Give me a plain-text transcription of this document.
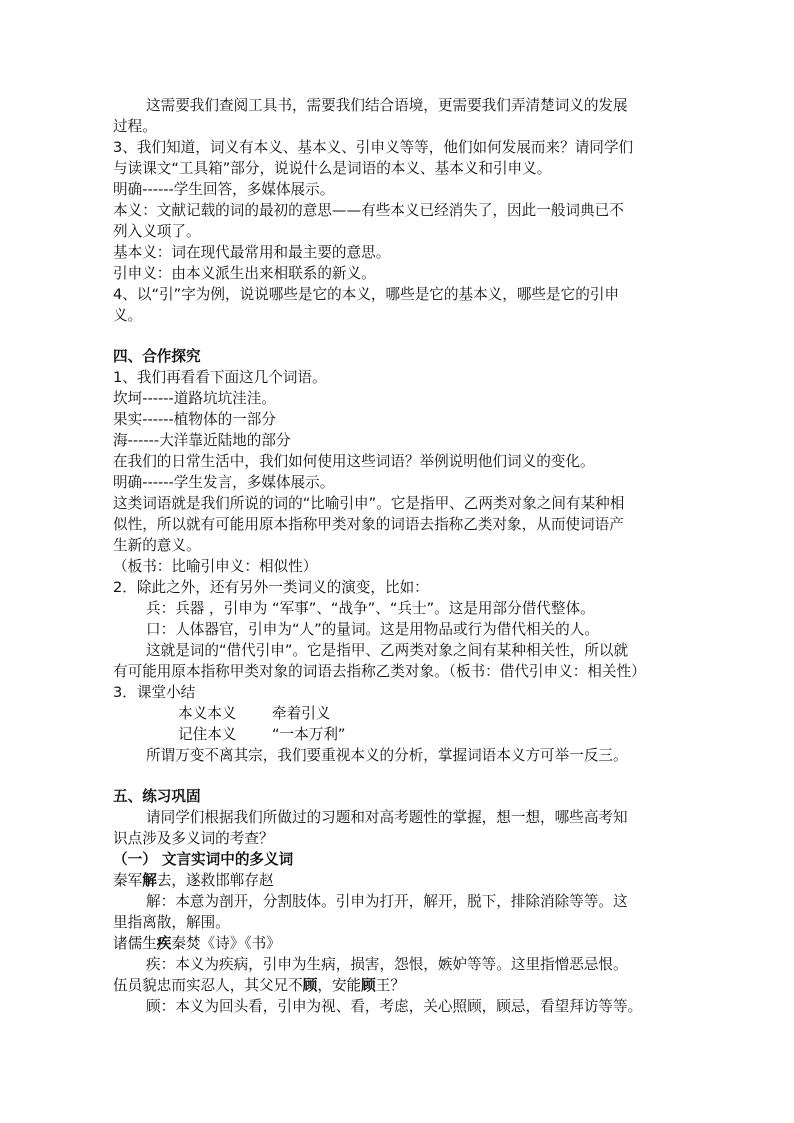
这需要我们查阅工具书，需要我们结合语境，更需要我们弄清楚词义的发展
过程。
3、我们知道，词义有本义、基本义、引申义等等，他们如何发展而来？请同学们
与读课文“工具箱”部分，说说什么是词语的本义、基本义和引申义。
明确------学生回答，多媒体展示。
本义：文献记载的词的最初的意思——有些本义已经消失了，因此一般词典已不
列入义项了。
基本义：词在现代最常用和最主要的意思。
引申义：由本义派生出来相联系的新义。
4、以“引”字为例，说说哪些是它的本义，哪些是它的基本义，哪些是它的引申
义。
四、合作探究
1、我们再看看下面这几个词语。
坎坷------道路坑坑洼洼。
果实------植物体的一部分
海------大洋靠近陆地的部分
在我们的日常生活中，我们如何使用这些词语？举例说明他们词义的变化。
明确------学生发言，多媒体展示。
这类词语就是我们所说的词的“比喻引申”。它是指甲、乙两类对象之间有某种相
似性，所以就有可能用原本指称甲类对象的词语去指称乙类对象，从而使词语产
生新的意义。
（板书：比喻引申义：相似性）
2．除此之外，还有另外一类词义的演变，比如：
兵：兵器 ，引申为 “军事”、“战争”、“兵士”。这是用部分借代整体。
口：人体器官，引申为“人”的量词。这是用物品或行为借代相关的人。
这就是词的“借代引申”。它是指甲、乙两类对象之间有某种相关性，所以就
有可能用原本指称甲类对象的词语去指称乙类对象。（板书：借代引申义：相关性）
3．课堂小结
本义本义 牵着引义
记住本义 “一本万利”
所谓万变不离其宗，我们要重视本义的分析，掌握词语本义方可举一反三。
五、练习巩固
请同学们根据我们所做过的习题和对高考题性的掌握，想一想，哪些高考知
识点涉及多义词的考查？
（一） 文言实词中的多义词
秦军解去，遂救邯郸存赵
解：本意为剖开，分割肢体。引申为打开，解开，脱下，排除消除等等。这
里指离散，解围。
诸儒生疾秦焚《诗》《书》
疾：本义为疾病，引申为生病，损害，怨恨，嫉妒等等。这里指憎恶忌恨。
伍员貌忠而实忍人，其父兄不顾，安能顾王？
顾：本义为回头看，引申为视、看，考虑，关心照顾，顾忌，看望拜访等等。
